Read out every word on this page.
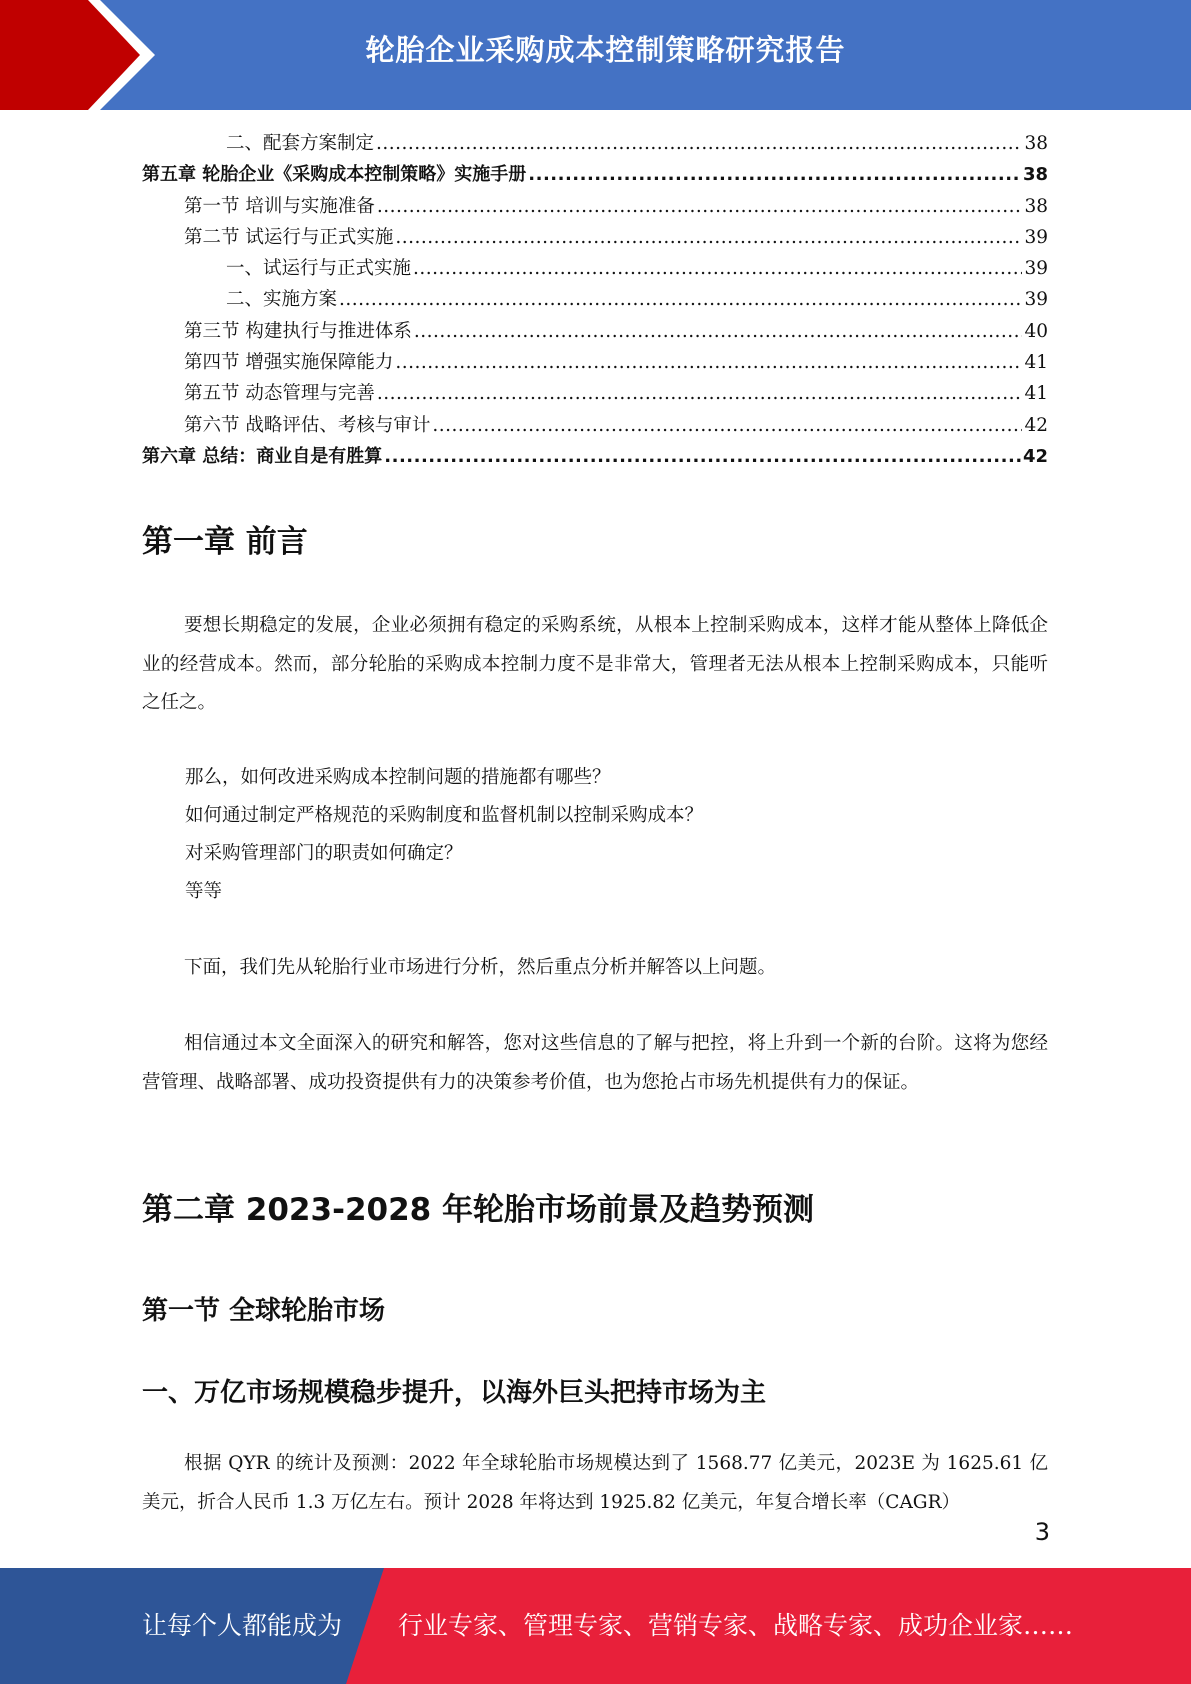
轮胎企业采购成本控制策略研究报告
二、配套方案制定 .....	38
第五章 轮胎企业《采购成本控制策略》实施手册 .....	38
第一节 培训与实施准备 .....	38
第二节 试运行与正式实施 .....	39
一、试运行与正式实施 .....	39
二、实施方案 .....	39
第三节 构建执行与推进体系 .....	40
第四节 增强实施保障能力 .....	41
第五节 动态管理与完善 .....	41
第六节 战略评估、考核与审计 .....	42
第六章 总结：商业自是有胜算 .....	42
第一章 前言

要想长期稳定的发展，企业必须拥有稳定的采购系统，从根本上控制采购成本，这样才能从整体上降低企业的经营成本。然而，部分轮胎的采购成本控制力度不是非常大，管理者无法从根本上控制采购成本，只能听之任之。

那么，如何改进采购成本控制问题的措施都有哪些？

如何通过制定严格规范的采购制度和监督机制以控制采购成本？

对采购管理部门的职责如何确定？

等等

下面，我们先从轮胎行业市场进行分析，然后重点分析并解答以上问题。

相信通过本文全面深入的研究和解答，您对这些信息的了解与把控，将上升到一个新的台阶。这将为您经营管理、战略部署、成功投资提供有力的决策参考价值，也为您抢占市场先机提供有力的保证。

第二章 2023-2028 年轮胎市场前景及趋势预测
第一节 全球轮胎市场
一、万亿市场规模稳步提升，以海外巨头把持市场为主

根据 QYR 的统计及预测：2022 年全球轮胎市场规模达到了 1568.77 亿美元，2023E 为 1625.61 亿美元，折合人民币 1.3 万亿左右。预计 2028 年将达到 1925.82 亿美元，年复合增长率（CAGR）

3
让每个人都能成为 行业专家、管理专家、营销专家、战略专家、成功企业家……
